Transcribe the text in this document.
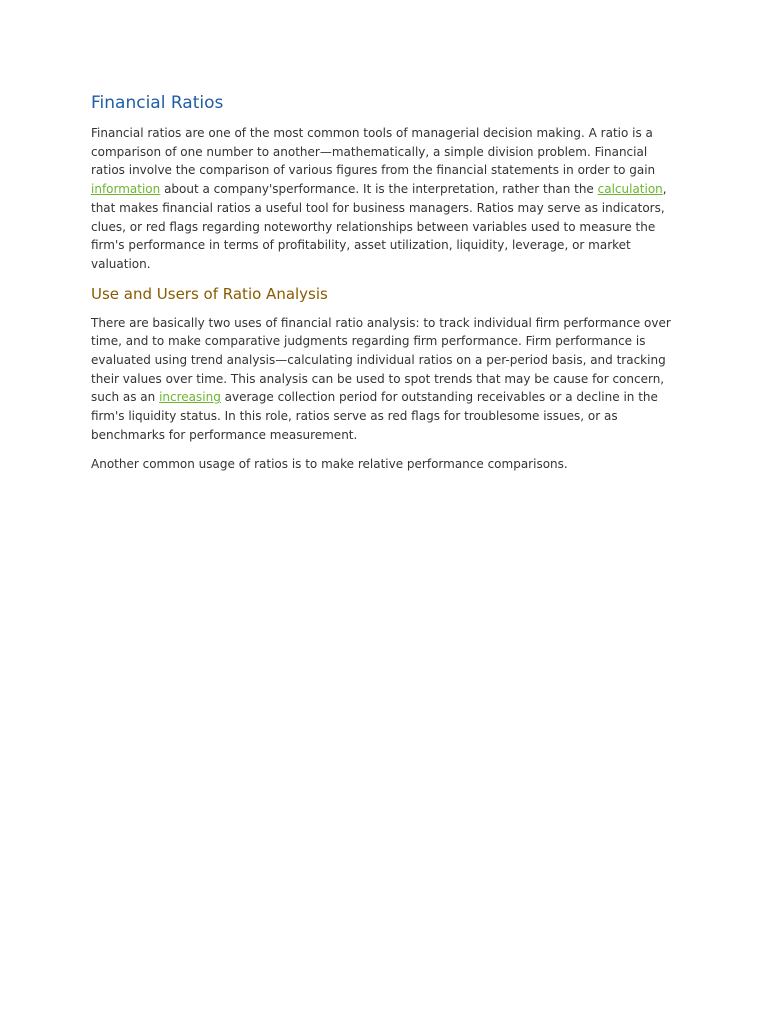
Financial Ratios

Financial ratios are one of the most common tools of managerial decision making. A ratio is a comparison of one number to another—mathematically, a simple division problem. Financial ratios involve the comparison of various figures from the financial statements in order to gain information about a company'sperformance. It is the interpretation, rather than the calculation, that makes financial ratios a useful tool for business managers. Ratios may serve as indicators, clues, or red flags regarding noteworthy relationships between variables used to measure the firm's performance in terms of profitability, asset utilization, liquidity, leverage, or market valuation.

Use and Users of Ratio Analysis

There are basically two uses of financial ratio analysis: to track individual firm performance over time, and to make comparative judgments regarding firm performance. Firm performance is evaluated using trend analysis—calculating individual ratios on a per-period basis, and tracking their values over time. This analysis can be used to spot trends that may be cause for concern, such as an increasing average collection period for outstanding receivables or a decline in the firm's liquidity status. In this role, ratios serve as red flags for troublesome issues, or as benchmarks for performance measurement.

Another common usage of ratios is to make relative performance comparisons.
